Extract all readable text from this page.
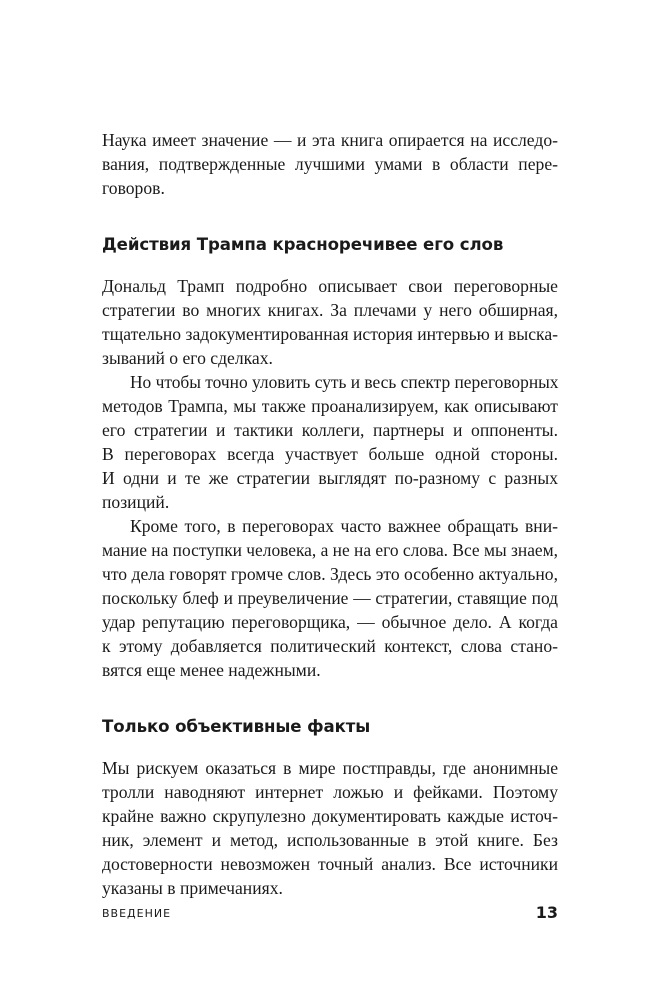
Наука имеет значение — и эта книга опирается на исследо-
вания, подтвержденные лучшими умами в области пере-
говоров.
Действия Трампа красноречивее его слов
Дональд Трамп подробно описывает свои переговорные
стратегии во многих книгах. За плечами у него обширная,
тщательно задокументированная история интервью и выска-
зываний о его сделках.
Но чтобы точно уловить суть и весь спектр переговорных
методов Трампа, мы также проанализируем, как описывают
его стратегии и тактики коллеги, партнеры и оппоненты.
В переговорах всегда участвует больше одной стороны.
И одни и те же стратегии выглядят по-разному с разных
позиций.
Кроме того, в переговорах часто важнее обращать вни-
мание на поступки человека, а не на его слова. Все мы знаем,
что дела говорят громче слов. Здесь это особенно актуально,
поскольку блеф и преувеличение — стратегии, ставящие под
удар репутацию переговорщика, — обычное дело. А когда
к этому добавляется политический контекст, слова стано-
вятся еще менее надежными.
Только объективные факты
Мы рискуем оказаться в мире постправды, где анонимные
тролли наводняют интернет ложью и фейками. Поэтому
крайне важно скрупулезно документировать каждые источ-
ник, элемент и метод, использованные в этой книге. Без
достоверности невозможен точный анализ. Все источники
указаны в примечаниях.
ВВЕДЕНИЕ	13
